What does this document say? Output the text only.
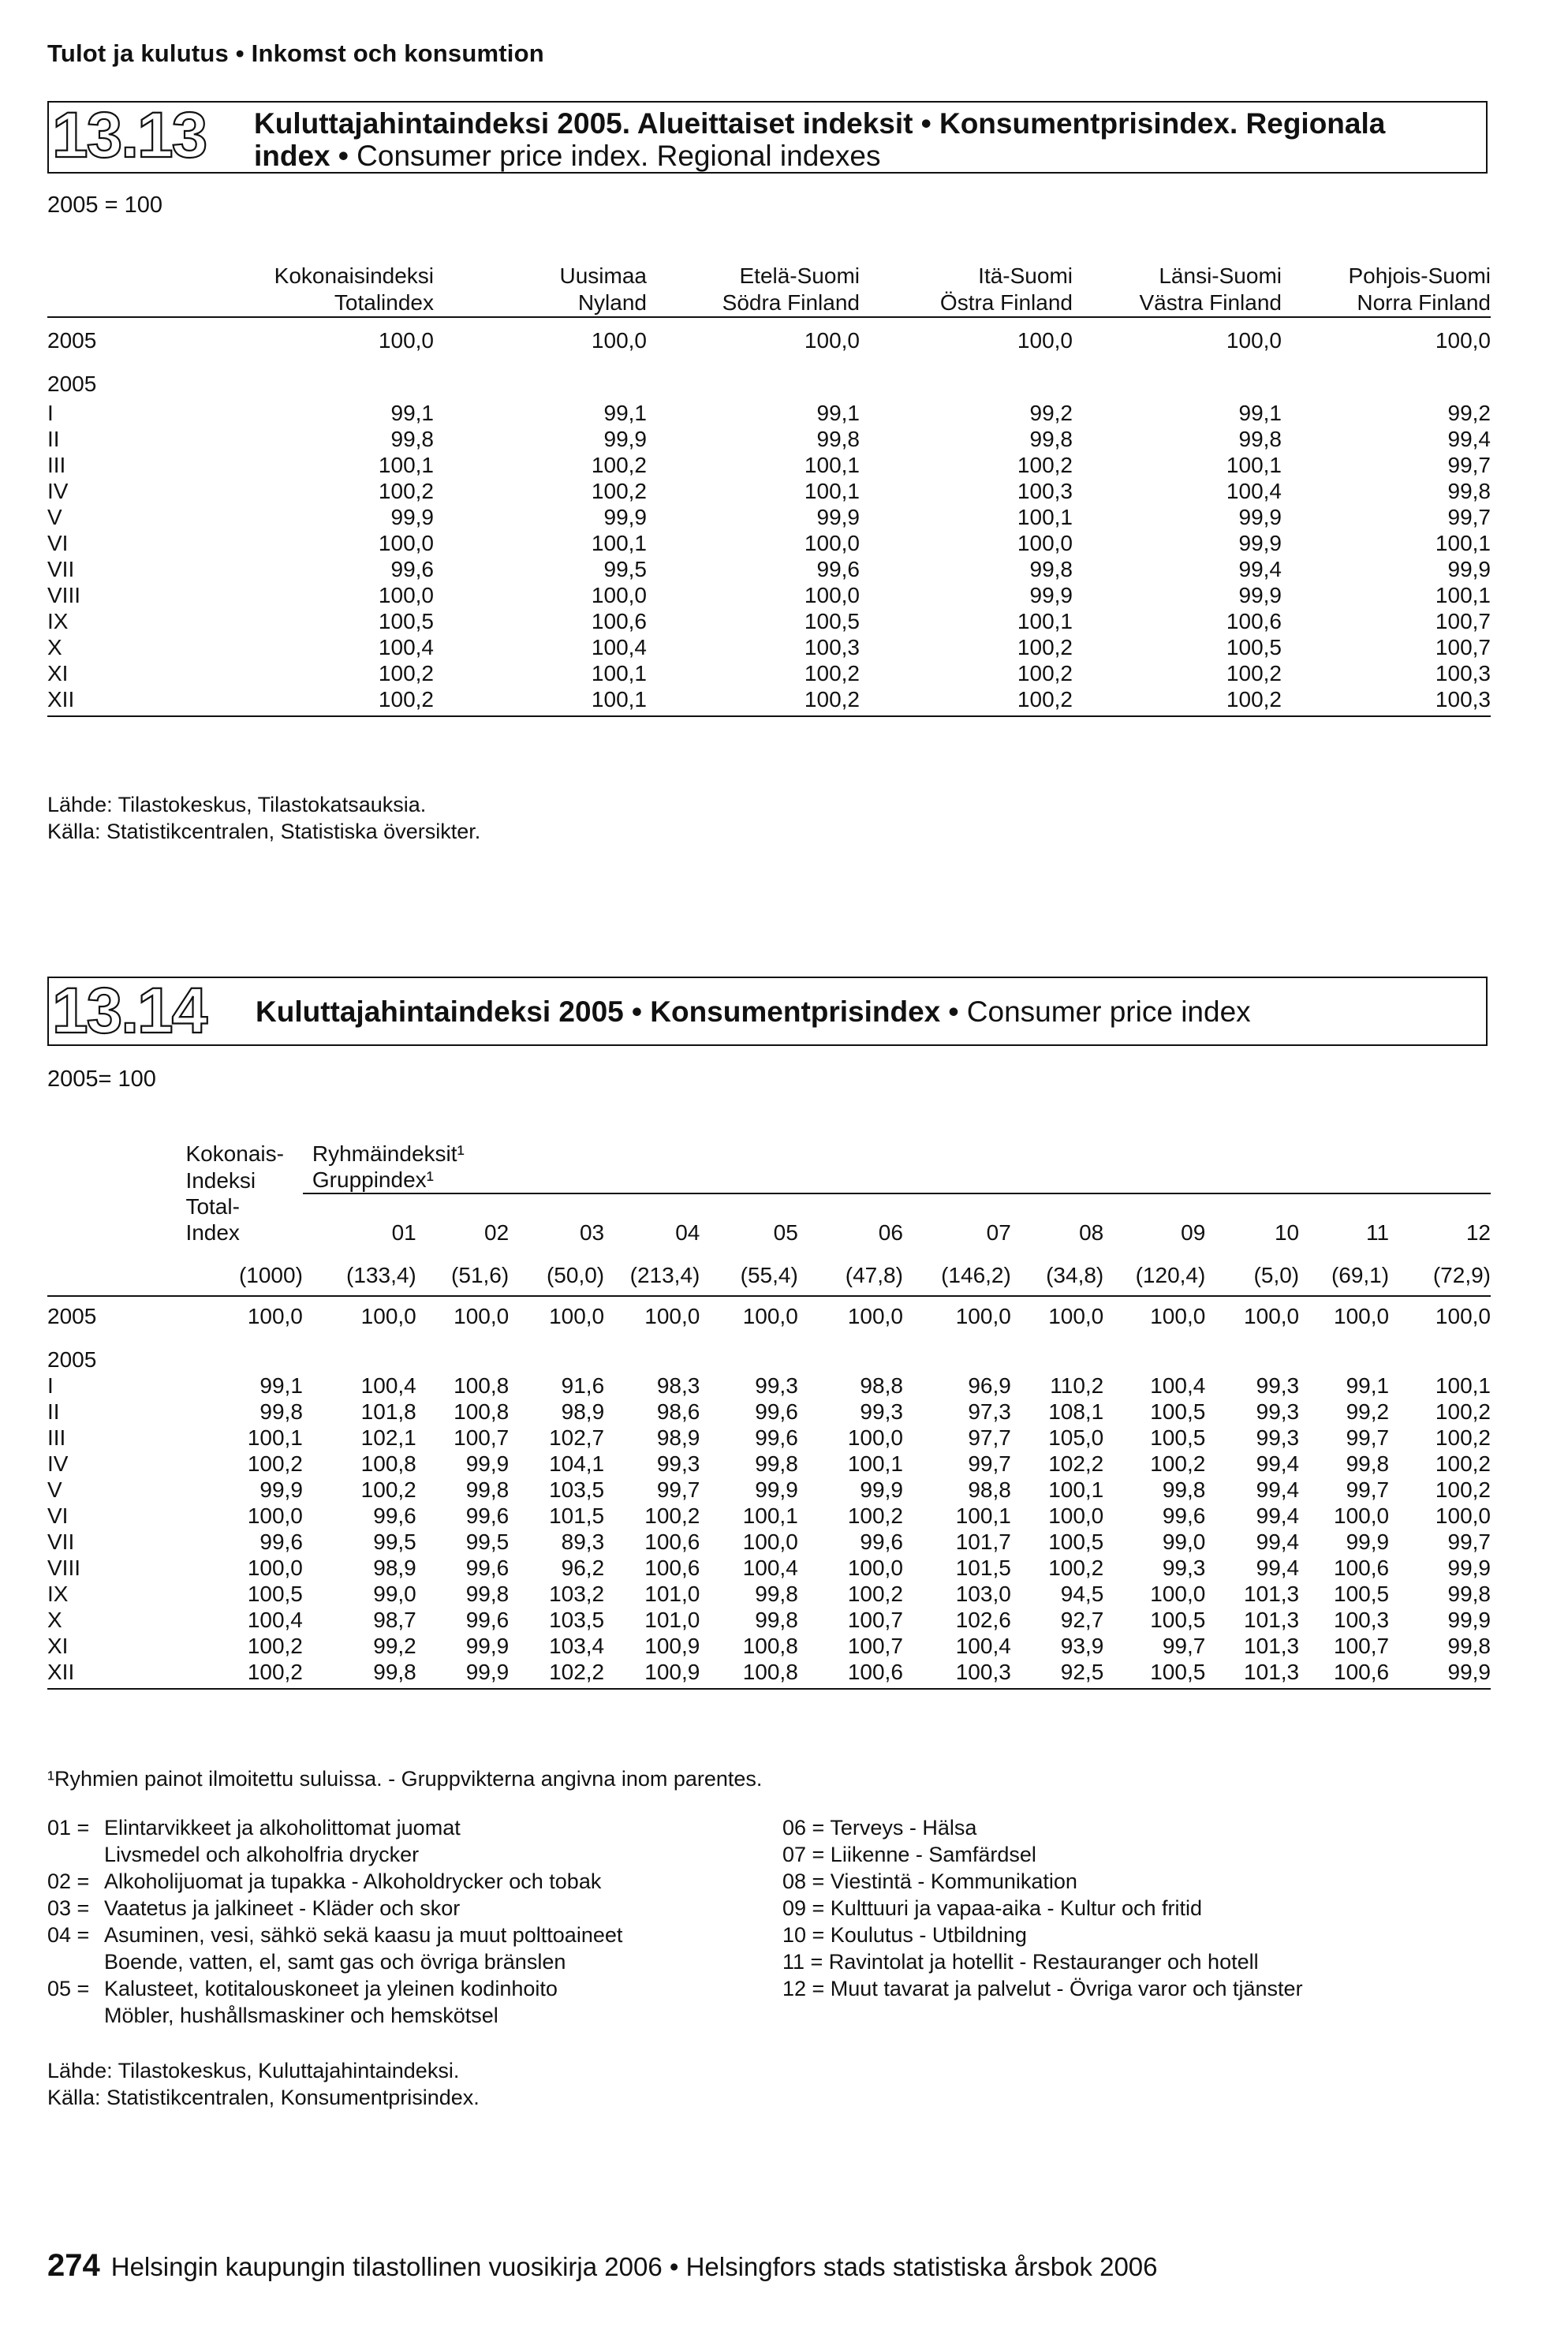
Tulot ja kulutus • Inkomst och konsumtion
13.13 Kuluttajahintaindeksi 2005. Alueittaiset indeksit • Konsumentprisindex. Regionala index • Consumer price index. Regional indexes
2005 = 100
	Kokonaisindeksi	Uusimaa	Etelä-Suomi	Itä-Suomi	Länsi-Suomi	Pohjois-Suomi
	Totalindex	Nyland	Södra Finland	Östra Finland	Västra Finland	Norra Finland

2005	100,0	100,0	100,0	100,0	100,0	100,0

2005						

I	99,1	99,1	99,1	99,2	99,1	99,2
II	99,8	99,9	99,8	99,8	99,8	99,4
III	100,1	100,2	100,1	100,2	100,1	99,7
IV	100,2	100,2	100,1	100,3	100,4	99,8
V	99,9	99,9	99,9	100,1	99,9	99,7
VI	100,0	100,1	100,0	100,0	99,9	100,1
VII	99,6	99,5	99,6	99,8	99,4	99,9
VIII	100,0	100,0	100,0	99,9	99,9	100,1
IX	100,5	100,6	100,5	100,1	100,6	100,7
X	100,4	100,4	100,3	100,2	100,5	100,7
XI	100,2	100,1	100,2	100,2	100,2	100,3
XII	100,2	100,1	100,2	100,2	100,2	100,3

Lähde: Tilastokeskus, Tilastokatsauksia.
Källa: Statistikcentralen, Statistiska översikter.
13.14 Kuluttajahintaindeksi 2005 • Konsumentprisindex • Consumer price index
2005= 100
	Kokonais-	Ryhmäindeksit¹											
	Indeksi	Gruppindex¹											
	Total-												
	Index	01	02	03	04	05	06	07	08	09	10	11	12

	(1000)	(133,4)	(51,6)	(50,0)	(213,4)	(55,4)	(47,8)	(146,2)	(34,8)	(120,4)	(5,0)	(69,1)	(72,9)

2005	100,0	100,0	100,0	100,0	100,0	100,0	100,0	100,0	100,0	100,0	100,0	100,0	100,0

2005													
I	99,1	100,4	100,8	91,6	98,3	99,3	98,8	96,9	110,2	100,4	99,3	99,1	100,1
II	99,8	101,8	100,8	98,9	98,6	99,6	99,3	97,3	108,1	100,5	99,3	99,2	100,2
III	100,1	102,1	100,7	102,7	98,9	99,6	100,0	97,7	105,0	100,5	99,3	99,7	100,2
IV	100,2	100,8	99,9	104,1	99,3	99,8	100,1	99,7	102,2	100,2	99,4	99,8	100,2
V	99,9	100,2	99,8	103,5	99,7	99,9	99,9	98,8	100,1	99,8	99,4	99,7	100,2
VI	100,0	99,6	99,6	101,5	100,2	100,1	100,2	100,1	100,0	99,6	99,4	100,0	100,0
VII	99,6	99,5	99,5	89,3	100,6	100,0	99,6	101,7	100,5	99,0	99,4	99,9	99,7
VIII	100,0	98,9	99,6	96,2	100,6	100,4	100,0	101,5	100,2	99,3	99,4	100,6	99,9
IX	100,5	99,0	99,8	103,2	101,0	99,8	100,2	103,0	94,5	100,0	101,3	100,5	99,8
X	100,4	98,7	99,6	103,5	101,0	99,8	100,7	102,6	92,7	100,5	101,3	100,3	99,9
XI	100,2	99,2	99,9	103,4	100,9	100,8	100,7	100,4	93,9	99,7	101,3	100,7	99,8
XII	100,2	99,8	99,9	102,2	100,9	100,8	100,6	100,3	92,5	100,5	101,3	100,6	99,9

¹Ryhmien painot ilmoitettu suluissa. - Gruppvikterna angivna inom parentes.
01 = Elintarvikkeet ja alkoholittomat juomat
Livsmedel och alkoholfria drycker
02 = Alkoholijuomat ja tupakka - Alkoholdrycker och tobak
03 = Vaatetus ja jalkineet - Kläder och skor
04 = Asuminen, vesi, sähkö sekä kaasu ja muut polttoaineet
Boende, vatten, el, samt gas och övriga bränslen
05 = Kalusteet, kotitalouskoneet ja yleinen kodinhoito
Möbler, hushållsmaskiner och hemskötsel
06 = Terveys - Hälsa
07 = Liikenne - Samfärdsel
08 = Viestintä - Kommunikation
09 = Kulttuuri ja vapaa-aika - Kultur och fritid
10 = Koulutus - Utbildning
11 = Ravintolat ja hotellit - Restauranger och hotell
12 = Muut tavarat ja palvelut - Övriga varor och tjänster
Lähde: Tilastokeskus, Kuluttajahintaindeksi.
Källa: Statistikcentralen, Konsumentprisindex.
274 Helsingin kaupungin tilastollinen vuosikirja 2006 • Helsingfors stads statistiska årsbok 2006
